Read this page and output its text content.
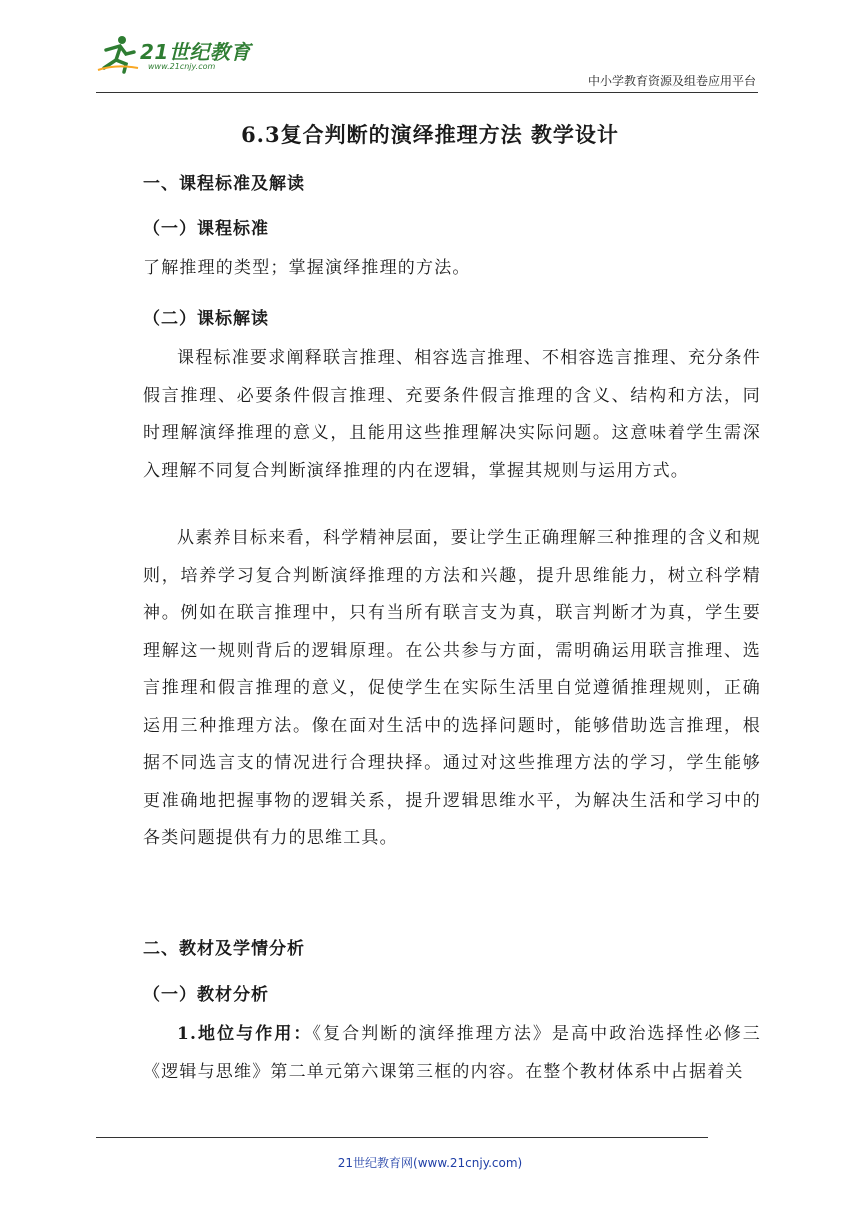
21世纪教育
www.21cnjy.com
中小学教育资源及组卷应用平台
6.3复合判断的演绎推理方法 教学设计
一、课程标准及解读
（一）课程标准
了解推理的类型；掌握演绎推理的方法。
（二）课标解读
课程标准要求阐释联言推理、相容选言推理、不相容选言推理、充分条件假言推理、必要条件假言推理、充要条件假言推理的含义、结构和方法，同时理解演绎推理的意义，且能用这些推理解决实际问题。这意味着学生需深入理解不同复合判断演绎推理的内在逻辑，掌握其规则与运用方式。
从素养目标来看，科学精神层面，要让学生正确理解三种推理的含义和规则，培养学习复合判断演绎推理的方法和兴趣，提升思维能力，树立科学精神。例如在联言推理中，只有当所有联言支为真，联言判断才为真，学生要理解这一规则背后的逻辑原理。在公共参与方面，需明确运用联言推理、选言推理和假言推理的意义，促使学生在实际生活里自觉遵循推理规则，正确运用三种推理方法。像在面对生活中的选择问题时，能够借助选言推理，根据不同选言支的情况进行合理抉择。通过对这些推理方法的学习，学生能够更准确地把握事物的逻辑关系，提升逻辑思维水平，为解决生活和学习中的各类问题提供有力的思维工具。
二、教材及学情分析
（一）教材分析
1.地位与作用：《复合判断的演绎推理方法》是高中政治选择性必修三《逻辑与思维》第二单元第六课第三框的内容。在整个教材体系中占据着关
21世纪教育网(www.21cnjy.com)
